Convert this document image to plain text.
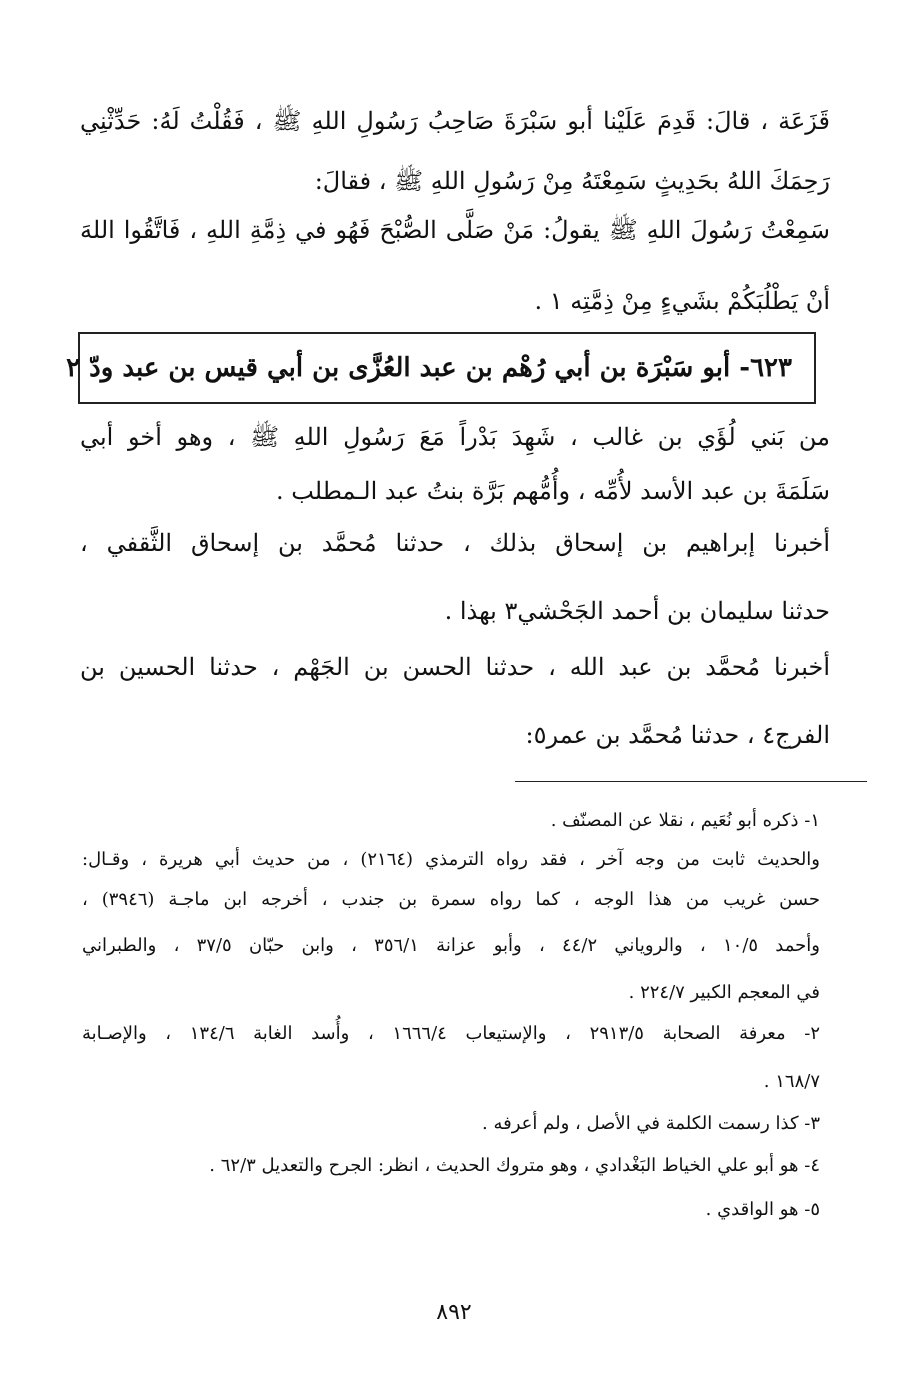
قَزَعَة ، قالَ: قَدِمَ عَلَيْنا أبو سَبْرَةَ صَاحِبُ رَسُولِ اللهِ ﷺ ، فَقُلْتُ لَهُ: حَدِّثْنِي
رَحِمَكَ اللهُ بحَدِيثٍ سَمِعْتَهُ مِنْ رَسُولِ اللهِ ﷺ ، فقالَ:
سَمِعْتُ رَسُولَ اللهِ ﷺ يقولُ: مَنْ صَلَّى الصُّبْحَ فَهُو في ذِمَّةِ اللهِ ، فَاتَّقُوا اللهَ
أنْ يَطْلُبَكُمْ بشَيءٍ مِنْ ذِمَّتِه ١ .
٦٢٣- أبو سَبْرَة بن أبي رُهْم بن عبد العُزَّى بن أبي قيس بن عبد ودّ ٢
من بَني لُؤَي بن غالب ، شَهِدَ بَدْراً مَعَ رَسُولِ اللهِ ﷺ ، وهو أخو أبي
سَلَمَةَ بن عبد الأسد لأُمِّه ، وأُمُّهم بَرَّة بنتُ عبد الـمطلب .
أخبرنا إبراهيم بن إسحاق بذلك ، حدثنا مُحمَّد بن إسحاق الثَّقفي ،
حدثنا سليمان بن أحمد الجَحْشي٣ بهذا .
أخبرنا مُحمَّد بن عبد الله ، حدثنا الحسن بن الجَهْم ، حدثنا الحسين بن
الفرج٤ ، حدثنا مُحمَّد بن عمر٥:
١- ذكره أبو نُعَيم ، نقلا عن المصنّف .
والحديث ثابت من وجه آخر ، فقد رواه الترمذي (٢١٦٤) ، من حديث أبي هريرة ، وقـال:
حسن غريب من هذا الوجه ، كما رواه سمرة بن جندب ، أخرجه ابن ماجـة (٣٩٤٦) ،
وأحمد ١٠/٥ ، والروياني ٤٤/٢ ، وأبو عزانة ٣٥٦/١ ، وابن حبّان ٣٧/٥ ، والطبراني
في المعجم الكبير ٢٢٤/٧ .
٢- معرفة الصحابة ٢٩١٣/٥ ، والإستيعاب ١٦٦٦/٤ ، وأُسد الغابة ١٣٤/٦ ، والإصـابة
١٦٨/٧ .
٣- كذا رسمت الكلمة في الأصل ، ولم أعرفه .
٤- هو أبو علي الخياط البَغْدادي ، وهو متروك الحديث ، انظر: الجرح والتعديل ٦٢/٣ .
٥- هو الواقدي .
٨٩٢
